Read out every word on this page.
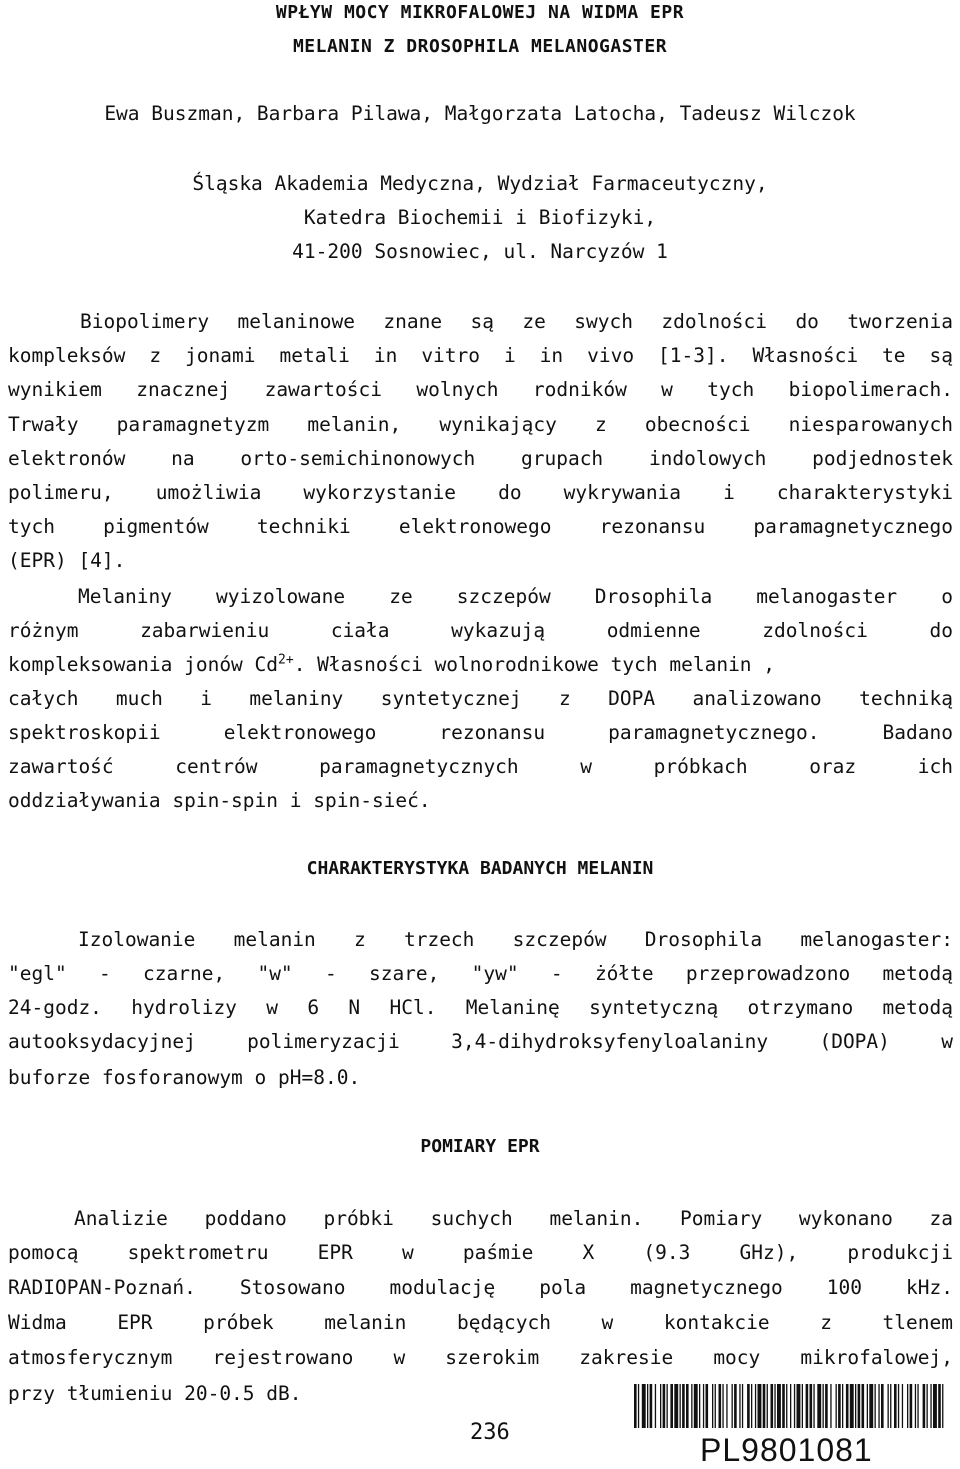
WPŁYW MOCY MIKROFALOWEJ NA WIDMA EPR
MELANIN Z DROSOPHILA MELANOGASTER
Ewa Buszman, Barbara Pilawa, Małgorzata Latocha, Tadeusz Wilczok
Śląska Akademia Medyczna, Wydział Farmaceutyczny,
Katedra Biochemii i Biofizyki,
41-200 Sosnowiec, ul. Narcyzów 1
Biopolimery melaninowe znane są ze swych zdolności do tworzenia
kompleksów z jonami metali in vitro i in vivo [1-3]. Własności te są
wynikiem znacznej zawartości wolnych rodników w tych biopolimerach.
Trwały paramagnetyzm melanin, wynikający z obecności niesparowanych
elektronów na orto-semichinonowych grupach indolowych podjednostek
polimeru, umożliwia wykorzystanie do wykrywania i charakterystyki
tych pigmentów techniki elektronowego rezonansu paramagnetycznego
(EPR) [4].
Melaniny wyizolowane ze szczepów Drosophila melanogaster o
różnym zabarwieniu ciała wykazują odmienne zdolności do
kompleksowania jonów $Cd^{2+}$. Własności wolnorodnikowe tych melanin ,
całych much i melaniny syntetycznej z DOPA analizowano techniką
spektroskopii elektronowego rezonansu paramagnetycznego. Badano
zawartość centrów paramagnetycznych w próbkach oraz ich
oddziaływania spin-spin i spin-sieć.
CHARAKTERYSTYKA BADANYCH MELANIN
Izolowanie melanin z trzech szczepów Drosophila melanogaster:
"egl" - czarne, "w" - szare, "yw" - żółte przeprowadzono metodą
24-godz. hydrolizy w 6 N HCl. Melaninę syntetyczną otrzymano metodą
autooksydacyjnej polimeryzacji 3,4-dihydroksyfenyloalaniny (DOPA) w
buforze fosforanowym o pH=8.0.
POMIARY EPR
Analizie poddano próbki suchych melanin. Pomiary wykonano za
pomocą spektrometru EPR w paśmie X (9.3 GHz), produkcji
RADIOPAN-Poznań. Stosowano modulację pola magnetycznego 100 kHz.
Widma EPR próbek melanin będących w kontakcie z tlenem
atmosferycznym rejestrowano w szerokim zakresie mocy mikrofalowej,
przy tłumieniu 20-0.5 dB.
236	PL9801081
